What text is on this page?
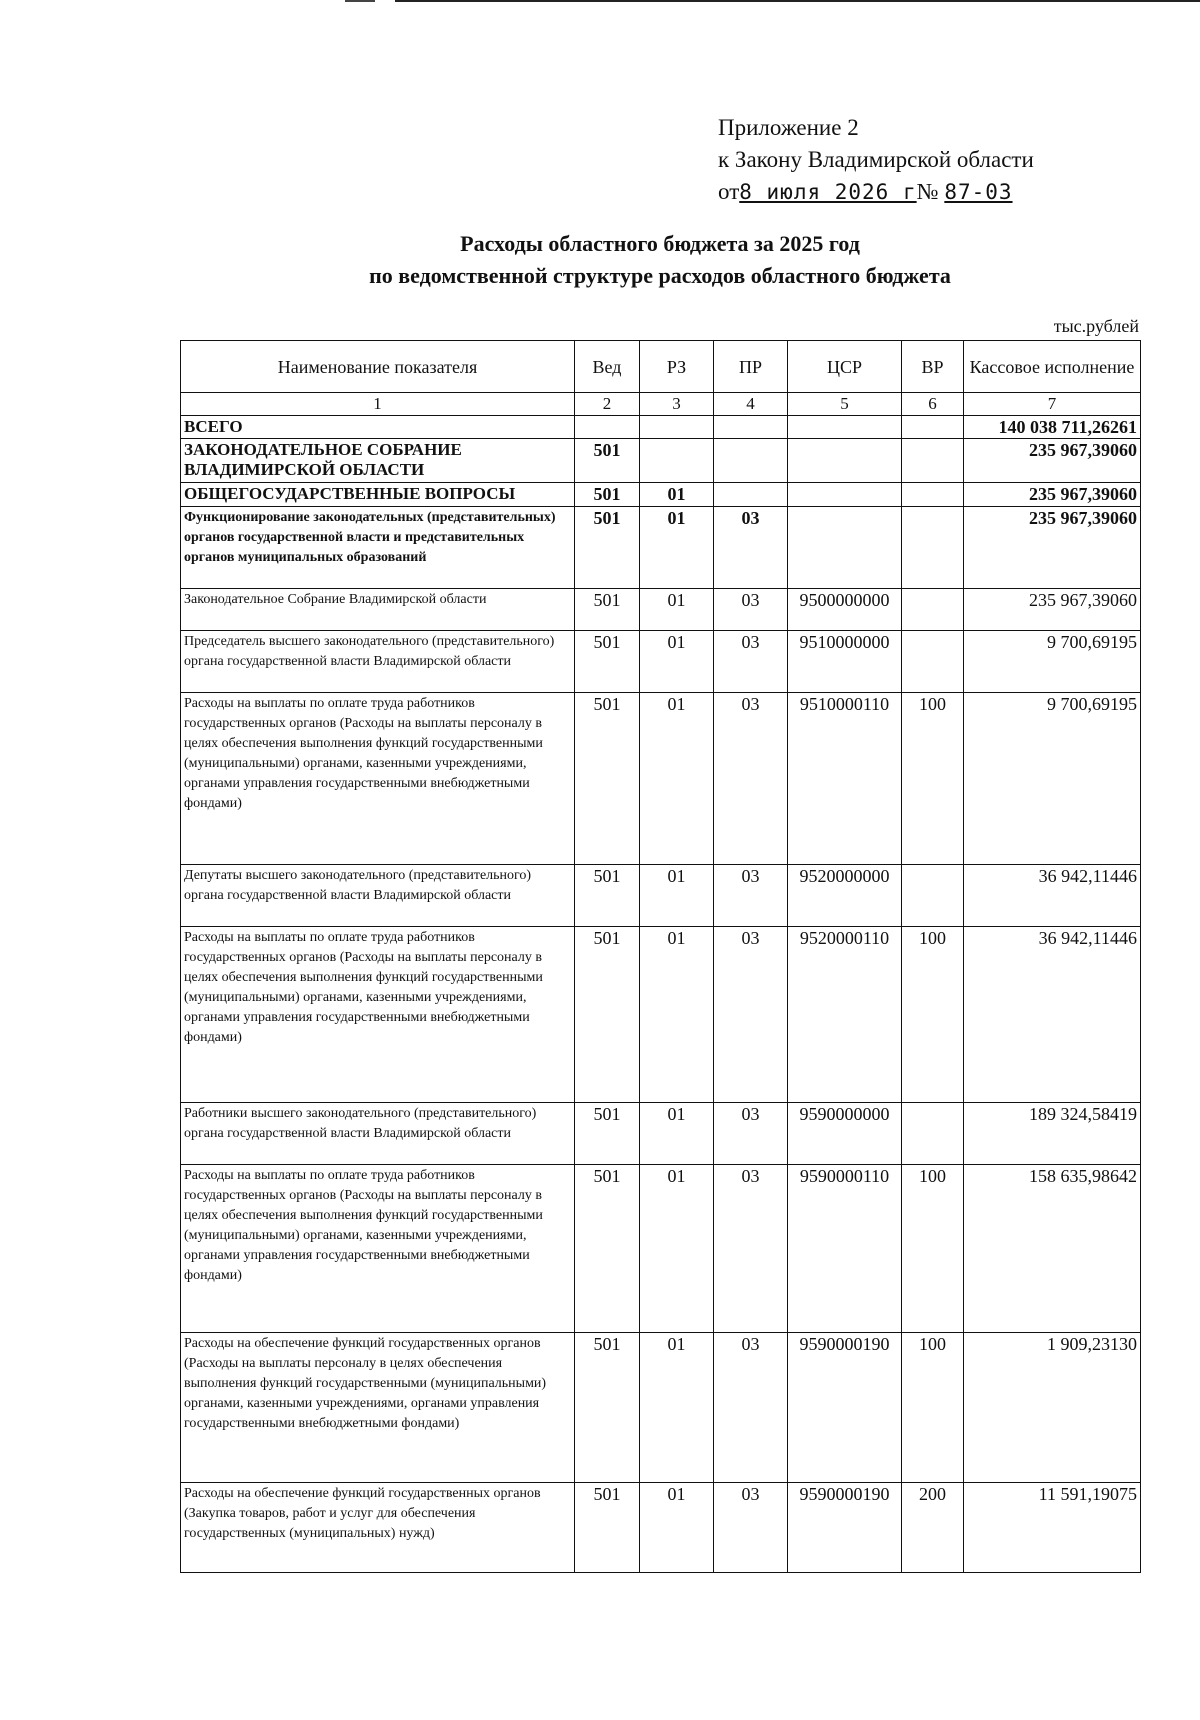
Приложение 2
к Закону Владимирской области
от8 июля 2026 г№ 87-03
Расходы областного бюджета за 2025 год
по ведомственной структуре расходов областного бюджета
тыс.рублей
Наименование показателя	Вед	РЗ	ПР	ЦСР	ВР	Кассовое исполнение
1	2	3	4	5	6	7
ВСЕГО						140 038 711,26261
ЗАКОНОДАТЕЛЬНОЕ СОБРАНИЕ ВЛАДИМИРСКОЙ ОБЛАСТИ	501					235 967,39060
ОБЩЕГОСУДАРСТВЕННЫЕ ВОПРОСЫ	501	01				235 967,39060
Функционирование законодательных (представительных) органов государственной власти и представительных органов муниципальных образований	501	01	03			235 967,39060
Законодательное Собрание Владимирской области	501	01	03	9500000000		235 967,39060
Председатель высшего законодательного (представительного) органа государственной власти Владимирской области	501	01	03	9510000000		9 700,69195
Расходы на выплаты по оплате труда работников государственных органов (Расходы на выплаты персоналу в целях обеспечения выполнения функций государственными (муниципальными) органами, казенными учреждениями, органами управления государственными внебюджетными фондами)	501	01	03	9510000110	100	9 700,69195
Депутаты высшего законодательного (представительного) органа государственной власти Владимирской области	501	01	03	9520000000		36 942,11446
Расходы на выплаты по оплате труда работников государственных органов (Расходы на выплаты персоналу в целях обеспечения выполнения функций государственными (муниципальными) органами, казенными учреждениями, органами управления государственными внебюджетными фондами)	501	01	03	9520000110	100	36 942,11446
Работники высшего законодательного (представительного) органа государственной власти Владимирской области	501	01	03	9590000000		189 324,58419
Расходы на выплаты по оплате труда работников государственных органов (Расходы на выплаты персоналу в целях обеспечения выполнения функций государственными (муниципальными) органами, казенными учреждениями, органами управления государственными внебюджетными фондами)	501	01	03	9590000110	100	158 635,98642
Расходы на обеспечение функций государственных органов (Расходы на выплаты персоналу в целях обеспечения выполнения функций государственными (муниципальными) органами, казенными учреждениями, органами управления государственными внебюджетными фондами)	501	01	03	9590000190	100	1 909,23130
Расходы на обеспечение функций государственных органов (Закупка товаров, работ и услуг для обеспечения государственных (муниципальных) нужд)	501	01	03	9590000190	200	11 591,19075
